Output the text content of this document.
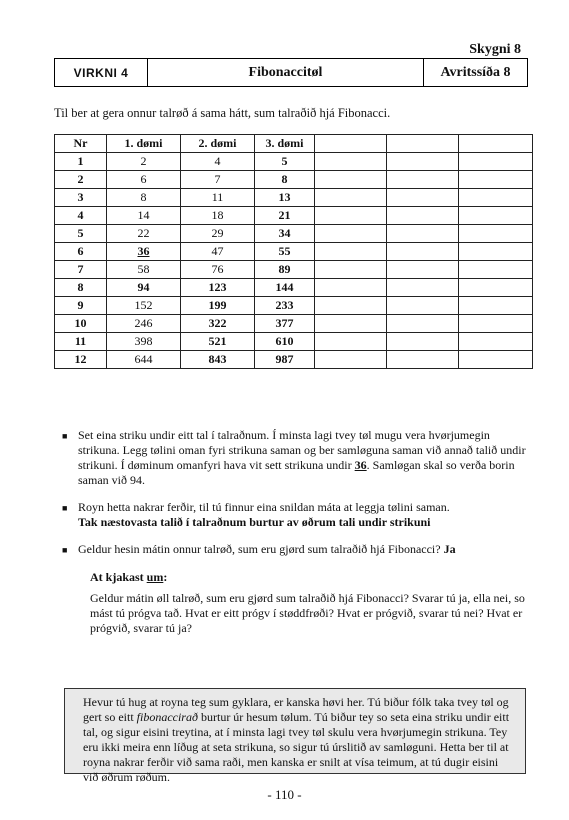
Skygni 8
VIRKNI 4	Fibonaccitøl	Avritssíða 8
Til ber at gera onnur talrøð á sama hátt, sum talraðið hjá Fibonacci.
Nr	1. dømi	2. dømi	3. dømi			
1	2	4	5			
2	6	7	8			
3	8	11	13			
4	14	18	21			
5	22	29	34			
6	36	47	55			
7	58	76	89			
8	94	123	144			
9	152	199	233			
10	246	322	377			
11	398	521	610			
12	644	843	987			
■ Set eina striku undir eitt tal í talraðnum. Í minsta lagi tvey tøl mugu vera hvørjumegin strikuna. Legg tølini oman fyri strikuna saman og ber samløguna saman við annað talið undir strikuni. Í døminum omanfyri hava vit sett strikuna undir 36. Samløgan skal so verða borin saman við 94.
■ Royn hetta nakrar ferðir, til tú finnur eina snildan máta at leggja tølini saman.
Tak næstovasta talið í talraðnum burtur av øðrum tali undir strikuni
■ Geldur hesin mátin onnur talrøð, sum eru gjørd sum talraðið hjá Fibonacci? Ja
At kjakast um:
Geldur mátin øll talrøð, sum eru gjørd sum talraðið hjá Fibonacci? Svarar tú ja, ella nei, so mást tú prógva tað. Hvat er eitt prógv í støddfrøði? Hvat er prógvið, svarar tú nei? Hvat er prógvið, svarar tú ja?
Hevur tú hug at royna teg sum gyklara, er kanska høvi her. Tú biður fólk taka tvey tøl og gert so eitt fibonaccirað burtur úr hesum tølum. Tú biður tey so seta eina striku undir eitt tal, og sigur eisini treytina, at í minsta lagi tvey tøl skulu vera hvørjumegin strikuna. Tey eru ikki meira enn líðug at seta strikuna, so sigur tú úrslitið av samløguni. Hetta ber til at royna nakrar ferðir við sama raði, men kanska er snilt at vísa teimum, at tú dugir eisini við øðrum røðum.
- 110 -
